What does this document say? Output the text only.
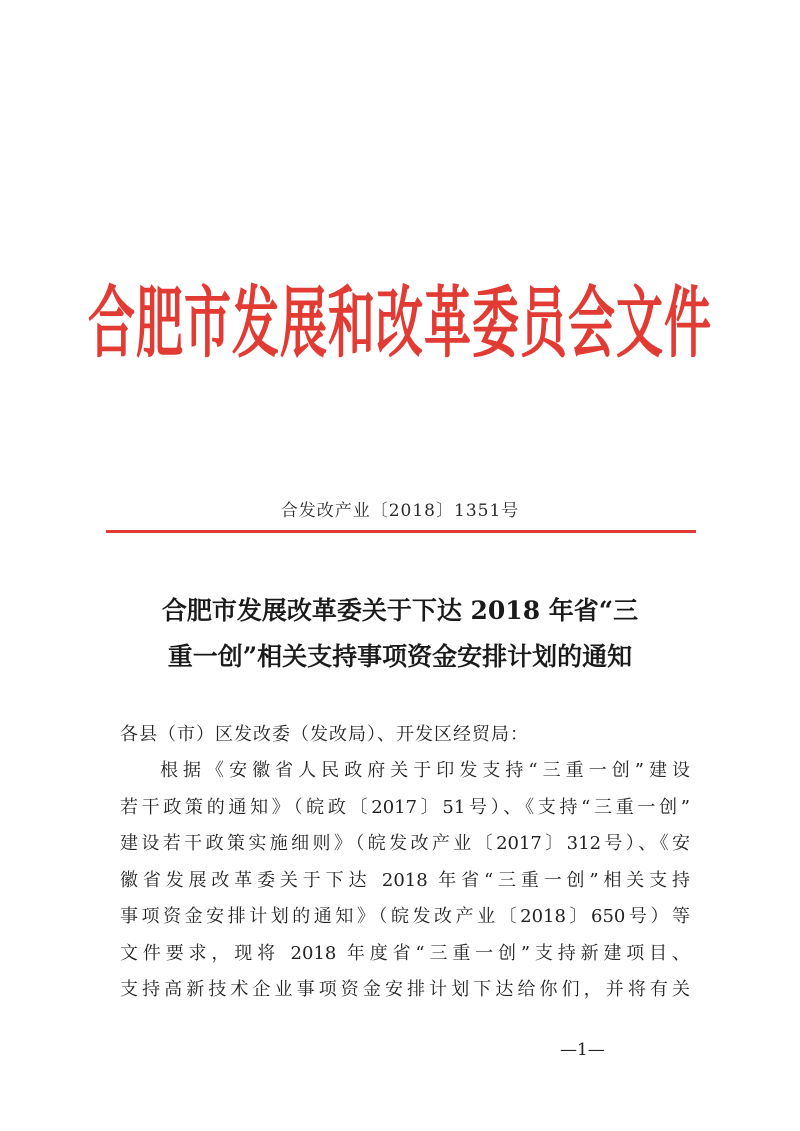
合肥市发展和改革委员会文件
合发改产业〔2018〕1351号
合肥市发展改革委关于下达 2018 年省“三
重一创”相关支持事项资金安排计划的通知
各县（市）区发改委（发改局）、开发区经贸局：
根据《安徽省人民政府关于印发支持“三重一创”建设
若干政策的通知》（皖政〔2017〕51号）、《支持“三重一创”
建设若干政策实施细则》（皖发改产业〔2017〕312号）、《安
徽省发展改革委关于下达 2018 年省“三重一创”相关支持
事项资金安排计划的通知》（皖发改产业〔2018〕650号）等
文件要求，现将 2018 年度省“三重一创”支持新建项目、
支持高新技术企业事项资金安排计划下达给你们，并将有关
—1—
